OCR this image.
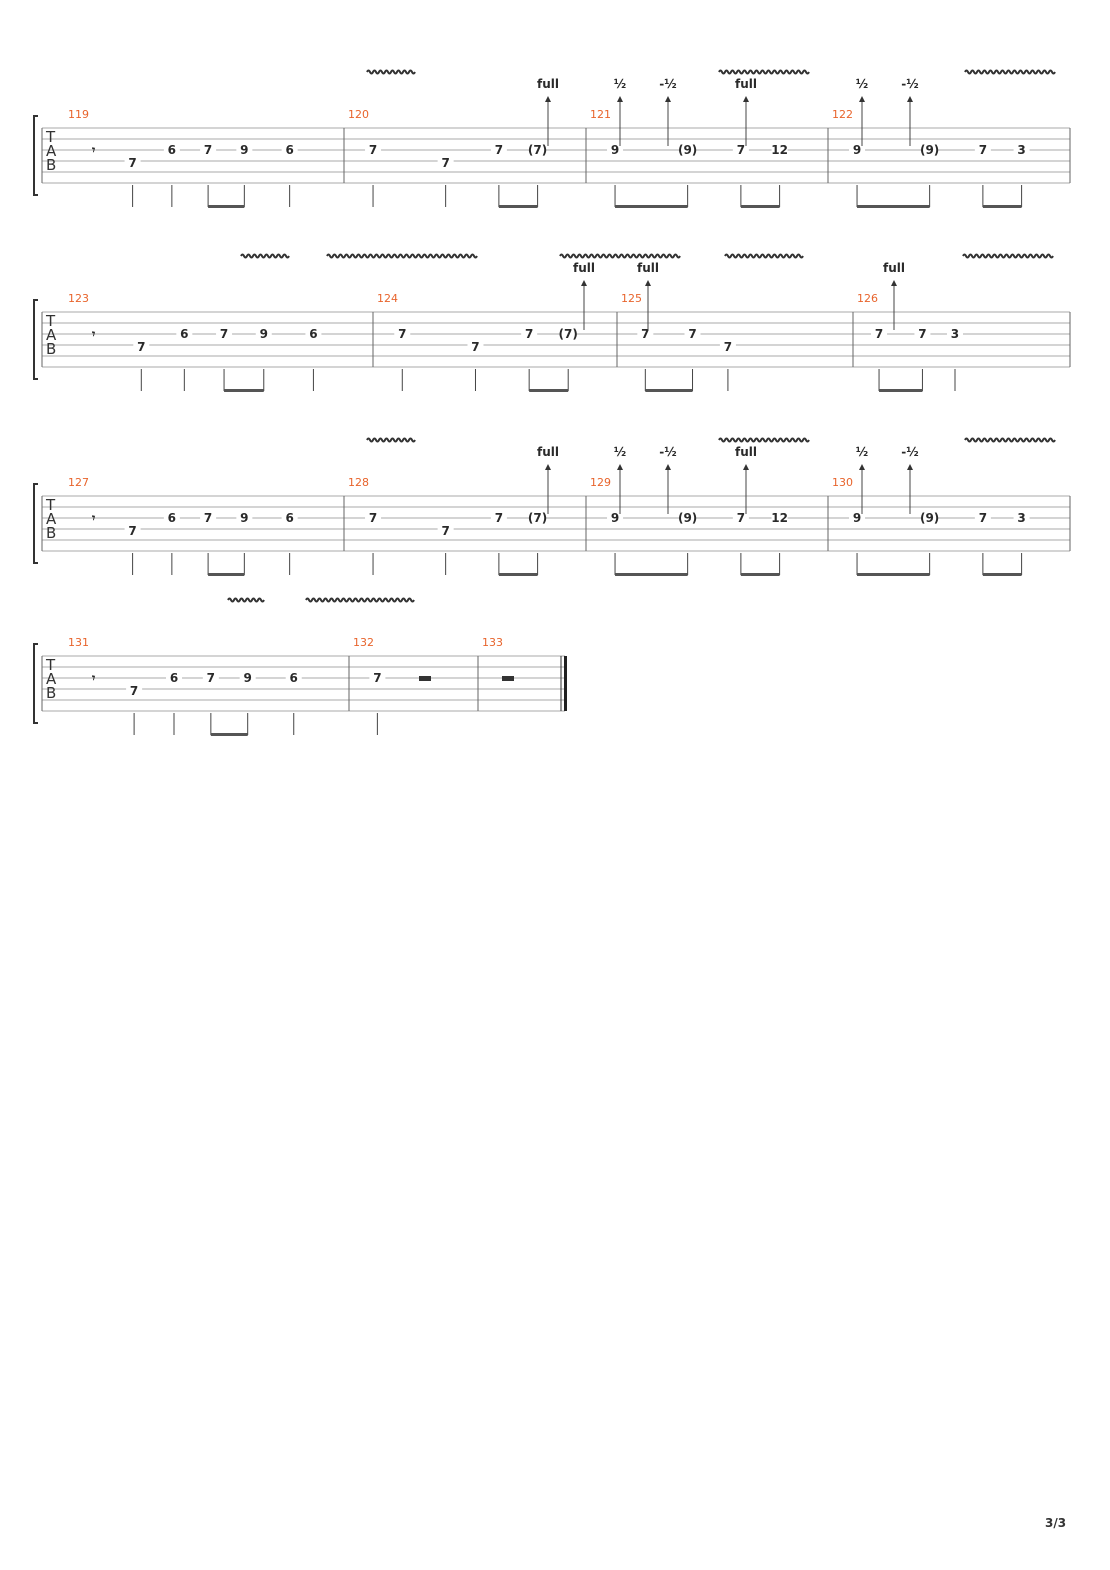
3/3
T
A
B
119
7
6 7 9	6
𝄾
120
7
7
7 (7)
121
9	(9)	7 12
122
9	(9)	7	3
full	½	-½	full	½	-½
T
A
B
123
7
6	7	9	6
𝄾
124
7
7
7 (7)
125
7	7
7
126
7	7 3
full	full	full
T
A
B
127
7
6 7 9	6
𝄾
128
7
7
7 (7)
129
9	(9)	7 12
130
9	(9)	7	3
full	½	-½	full	½	-½
T
A
B
131
7
6 7 9	6
𝄾
132
7
133
